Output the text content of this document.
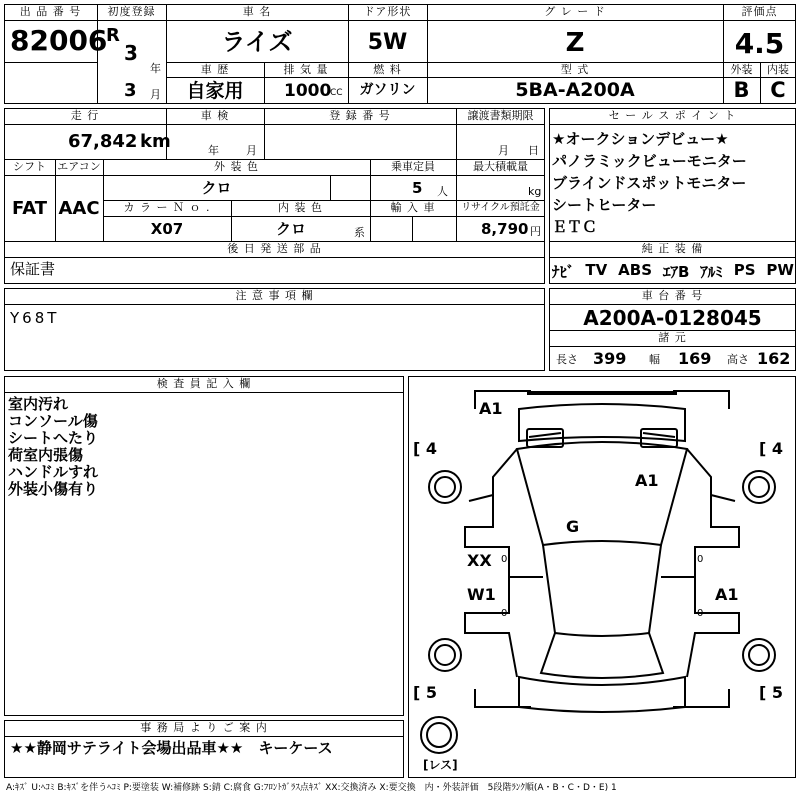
出 品 番 号
82006
初度登録
R
3
年
3 月
車 名
ライズ
ドア形状
5W
グ レ ー ド
Z
評価点
4.5
車 歴
自家用
排 気 量
1000
CC
燃 料
ガソリン
型 式
5BA-A200A
外装	内装
B C
走 行
67,842 km
車 検
年 月
登 録 番 号	譲渡書類期限
月 日
シフト
FAT
エアコン
AAC
外 装 色
クロ
乗車定員
5 人
最大積載量
kg
カ ラ ー Ｎ ｏ .
X07
内 装 色
クロ	系
輸 入 車	リサイクル預託金
8,790 円
後 日 発 送 部 品
保証書
セ ー ル ス ポ イ ン ト
★オークションデビュー★
パノラミックビューモニター
ブラインドスポットモニター
シートヒーター
ＥＴＣ
純 正 装 備
ﾅﾋﾞ TV ABS ｴｱB ｱﾙﾐ PS PW
注 意 事 項 欄
Y68T
車 台 番 号
A200A-0128045
諸 元
長さ 399 幅 169 高さ 162
検 査 員 記 入 欄
室内汚れ
コンソール傷
シートへたり
荷室内張傷
ハンドルすれ
外装小傷有り
事 務 局 よ り ご 案 内
★★静岡サテライト会場出品車★★　キーケース
[ 4	[ 4
[ 5	[ 5
[レス]
A1
A1
G
XX
W1	A1
0
0
0
0
A:ｷｽﾞ U:ﾍｺﾐ B:ｷｽﾞを伴うﾍｺﾐ P:要塗装 W:補修跡 S:錆 C:腐食 G:ﾌﾛﾝﾄｶﾞﾗｽ点ｷｽﾞ XX:交換済み X:要交換　内・外装評価　5段階ﾗﾝｸ順(A・B・C・D・E) 1
